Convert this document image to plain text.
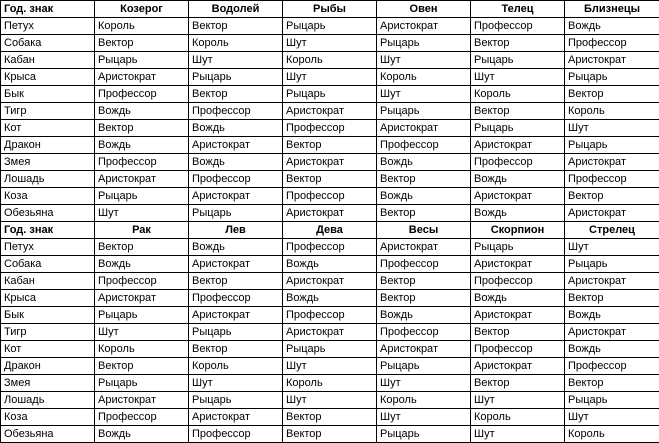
Год. знак	Козерог	Водолей	Рыбы	Овен	Телец	Близнецы
Петух	Король	Вектор	Рыцарь	Аристократ	Профессор	Вождь
Собака	Вектор	Король	Шут	Рыцарь	Вектор	Профессор
Кабан	Рыцарь	Шут	Король	Шут	Рыцарь	Аристократ
Крыса	Аристократ	Рыцарь	Шут	Король	Шут	Рыцарь
Бык	Профессор	Вектор	Рыцарь	Шут	Король	Вектор
Тигр	Вождь	Профессор	Аристократ	Рыцарь	Вектор	Король
Кот	Вектор	Вождь	Профессор	Аристократ	Рыцарь	Шут
Дракон	Вождь	Аристократ	Вектор	Профессор	Аристократ	Рыцарь
Змея	Профессор	Вождь	Аристократ	Вождь	Профессор	Аристократ
Лошадь	Аристократ	Профессор	Вектор	Вектор	Вождь	Профессор
Коза	Рыцарь	Аристократ	Профессор	Вождь	Аристократ	Вектор
Обезьяна	Шут	Рыцарь	Аристократ	Вектор	Вождь	Аристократ
Год. знак	Рак	Лев	Дева	Весы	Скорпион	Стрелец
Петух	Вектор	Вождь	Профессор	Аристократ	Рыцарь	Шут
Собака	Вождь	Аристократ	Вождь	Профессор	Аристократ	Рыцарь
Кабан	Профессор	Вектор	Аристократ	Вектор	Профессор	Аристократ
Крыса	Аристократ	Профессор	Вождь	Вектор	Вождь	Вектор
Бык	Рыцарь	Аристократ	Профессор	Вождь	Аристократ	Вождь
Тигр	Шут	Рыцарь	Аристократ	Профессор	Вектор	Аристократ
Кот	Король	Вектор	Рыцарь	Аристократ	Профессор	Вождь
Дракон	Вектор	Король	Шут	Рыцарь	Аристократ	Профессор
Змея	Рыцарь	Шут	Король	Шут	Вектор	Вектор
Лошадь	Аристократ	Рыцарь	Шут	Король	Шут	Рыцарь
Коза	Профессор	Аристократ	Вектор	Шут	Король	Шут
Обезьяна	Вождь	Профессор	Вектор	Рыцарь	Шут	Король
